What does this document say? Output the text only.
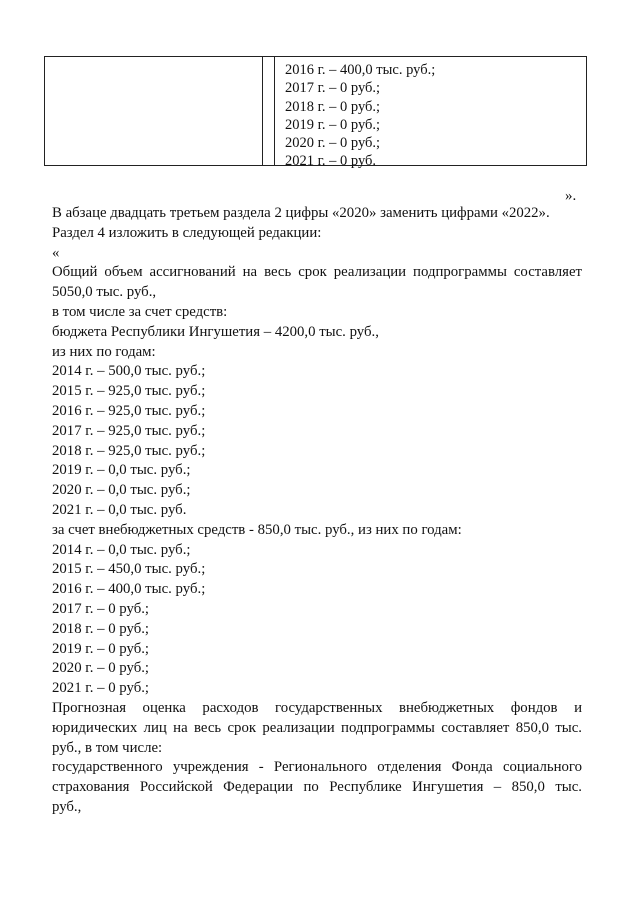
2016 г. – 400,0 тыс. руб.;
2017 г. – 0 руб.;
2018 г. – 0 руб.;
2019 г. – 0 руб.;
2020 г. – 0 руб.;
2021 г. – 0 руб.
».
В абзаце двадцать третьем раздела 2 цифры «2020» заменить цифрами «2022».
Раздел 4 изложить в следующей редакции:
«
Общий объем ассигнований на весь срок реализации подпрограммы составляет
5050,0 тыс. руб.,
в том числе за счет средств:
бюджета Республики Ингушетия – 4200,0 тыс. руб.,
из них по годам:
2014 г. – 500,0 тыс. руб.;
2015 г. – 925,0 тыс. руб.;
2016 г. – 925,0 тыс. руб.;
2017 г. – 925,0 тыс. руб.;
2018 г. – 925,0 тыс. руб.;
2019 г. – 0,0 тыс. руб.;
2020 г. – 0,0 тыс. руб.;
2021 г. – 0,0 тыс. руб.
за счет внебюджетных средств - 850,0 тыс. руб., из них по годам:
2014 г. – 0,0 тыс. руб.;
2015 г. – 450,0 тыс. руб.;
2016 г. – 400,0 тыс. руб.;
2017 г. – 0 руб.;
2018 г. – 0 руб.;
2019 г. – 0 руб.;
2020 г. – 0 руб.;
2021 г. – 0 руб.;
Прогнозная оценка расходов государственных внебюджетных фондов и
юридических лиц на весь срок реализации подпрограммы составляет 850,0 тыс.
руб., в том числе:
государственного учреждения - Регионального отделения Фонда социального
страхования Российской Федерации по Республике Ингушетия – 850,0 тыс.
руб.,
